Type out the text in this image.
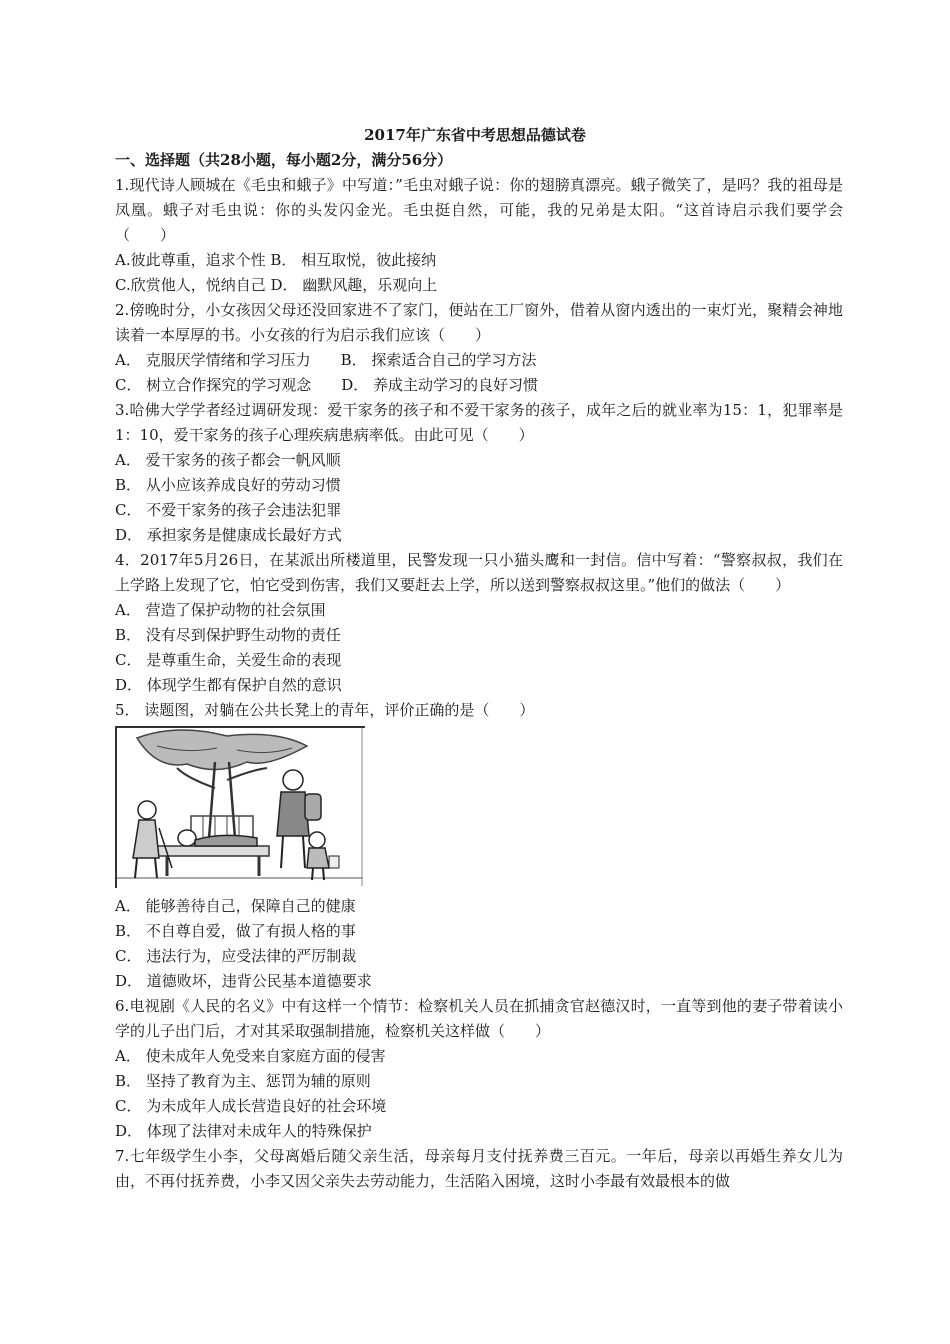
2017年广东省中考思想品德试卷
一、选择题（共28小题，每小题2分，满分56分）
1.现代诗人顾城在《毛虫和蛾子》中写道：”毛虫对蛾子说：你的翅膀真漂亮。蛾子微笑了，是吗？我的祖母是凤凰。蛾子对毛虫说：你的头发闪金光。毛虫挺自然，可能，我的兄弟是太阳。“这首诗启示我们要学会（　　）
A.彼此尊重，追求个性 B． 相互取悦，彼此接纳
C.欣赏他人，悦纳自己 D． 幽默风趣，乐观向上
2.傍晚时分，小女孩因父母还没回家进不了家门，便站在工厂窗外，借着从窗内透出的一束灯光，聚精会神地读着一本厚厚的书。小女孩的行为启示我们应该（　　）
A． 克服厌学情绪和学习压力　　B． 探索适合自己的学习方法
C． 树立合作探究的学习观念　　D． 养成主动学习的良好习惯
3.哈佛大学学者经过调研发现：爱干家务的孩子和不爱干家务的孩子，成年之后的就业率为15：1，犯罪率是1：10，爱干家务的孩子心理疾病患病率低。由此可见（　　）
A． 爱干家务的孩子都会一帆风顺
B． 从小应该养成良好的劳动习惯
C． 不爱干家务的孩子会违法犯罪
D． 承担家务是健康成长最好方式
4．2017年5月26日，在某派出所楼道里，民警发现一只小猫头鹰和一封信。信中写着：“警察叔叔，我们在上学路上发现了它，怕它受到伤害，我们又要赶去上学，所以送到警察叔叔这里。”他们的做法（　　）
A． 营造了保护动物的社会氛围
B． 没有尽到保护野生动物的责任
C． 是尊重生命，关爱生命的表现
D． 体现学生都有保护自然的意识
5． 读题图，对躺在公共长凳上的青年，评价正确的是（　　）
A． 能够善待自己，保障自己的健康
B． 不自尊自爱，做了有损人格的事
C． 违法行为，应受法律的严厉制裁
D． 道德败坏，违背公民基本道德要求
6.电视剧《人民的名义》中有这样一个情节：检察机关人员在抓捕贪官赵德汉时，一直等到他的妻子带着读小学的儿子出门后，才对其采取强制措施，检察机关这样做（　　）
A． 使未成年人免受来自家庭方面的侵害
B． 坚持了教育为主、惩罚为辅的原则
C． 为未成年人成长营造良好的社会环境
D． 体现了法律对未成年人的特殊保护
7.七年级学生小李，父母离婚后随父亲生活，母亲每月支付抚养费三百元。一年后，母亲以再婚生养女儿为由，不再付抚养费，小李又因父亲失去劳动能力，生活陷入困境，这时小李最有效最根本的做
